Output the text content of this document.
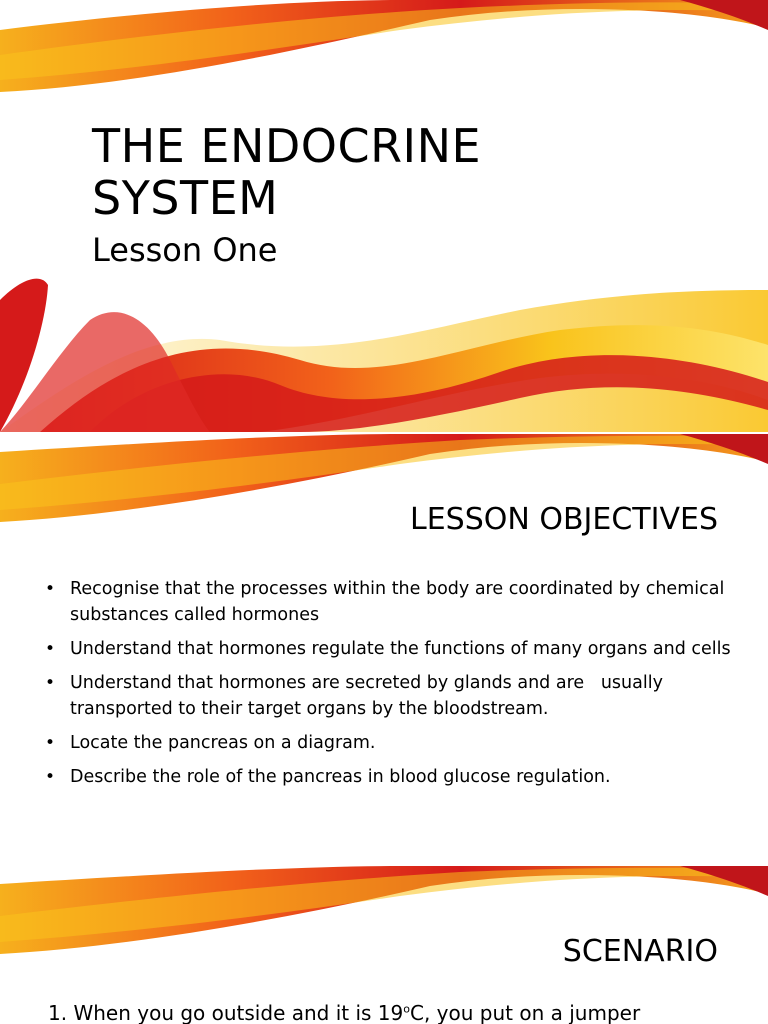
THE ENDOCRINE SYSTEM
Lesson One
LESSON OBJECTIVES
• Recognise that the processes within the body are coordinated by chemical substances called hormones
• Understand that hormones regulate the functions of many organs and cells
• Understand that hormones are secreted by glands and are   usually transported to their target organs by the bloodstream.
• Locate the pancreas on a diagram.
• Describe the role of the pancreas in blood glucose regulation.
SCENARIO

1. When you go outside and it is 19$^o$C, you put on a jumper
